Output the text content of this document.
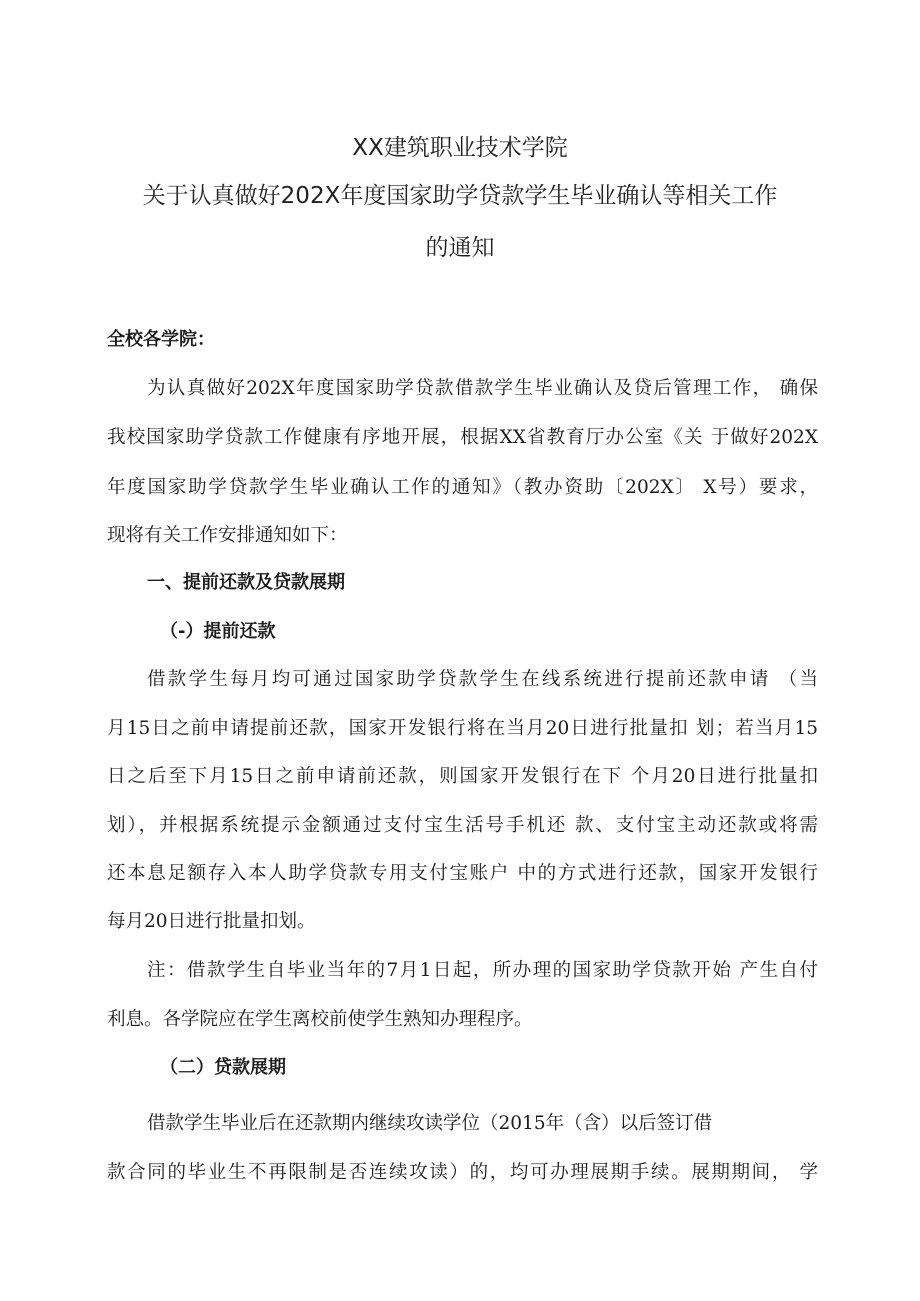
XX建筑职业技术学院
关于认真做好202X年度国家助学贷款学生毕业确认等相关工作
的通知
全校各学院：
为认真做好202X年度国家助学贷款借款学生毕业确认及贷后管理工作， 确保
我校国家助学贷款工作健康有序地开展，根据XX省教育厅办公室《关 于做好202X
年度国家助学贷款学生毕业确认工作的通知》（教办资助〔202X〕 X号）要求，
现将有关工作安排通知如下：
一、提前还款及贷款展期
（-）提前还款
借款学生每月均可通过国家助学贷款学生在线系统进行提前还款申请 （当
月15日之前申请提前还款，国家开发银行将在当月20日进行批量扣 划；若当月15
日之后至下月15日之前申请前还款，则国家开发银行在下 个月20日进行批量扣
划），并根据系统提示金额通过支付宝生活号手机还 款、支付宝主动还款或将需
还本息足额存入本人助学贷款专用支付宝账户 中的方式进行还款，国家开发银行
每月20日进行批量扣划。
注：借款学生自毕业当年的7月1日起，所办理的国家助学贷款开始 产生自付
利息。各学院应在学生离校前使学生熟知办理程序。
（二）贷款展期
借款学生毕业后在还款期内继续攻读学位（2015年（含）以后签订借
款合同的毕业生不再限制是否连续攻读）的，均可办理展期手续。展期期间， 学
